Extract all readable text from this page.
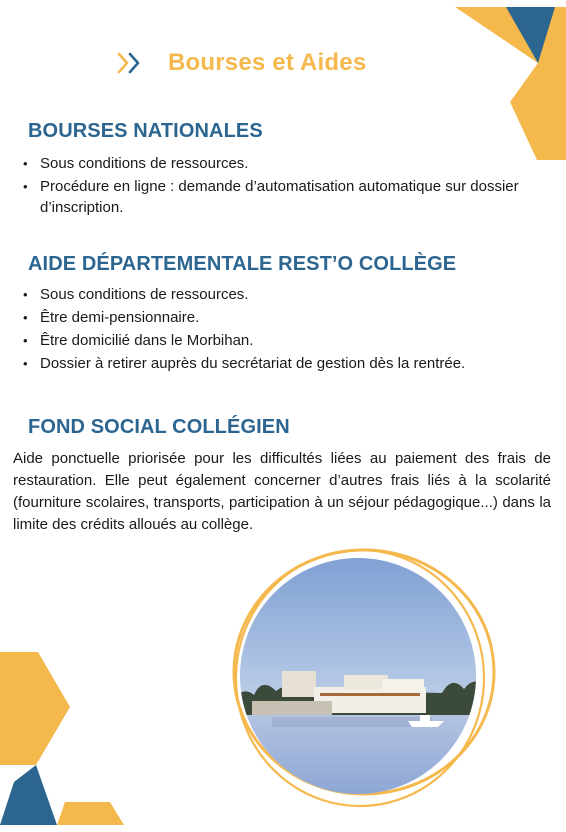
Bourses et Aides
BOURSES NATIONALES
• Sous conditions de ressources.
• Procédure en ligne : demande d’automatisation automatique sur dossier d’inscription.
AIDE DÉPARTEMENTALE REST’O COLLÈGE
• Sous conditions de ressources.
• Être demi-pensionnaire.
• Être domicilié dans le Morbihan.
• Dossier à retirer auprès du secrétariat de gestion dès la rentrée.
FOND SOCIAL COLLÉGIEN

Aide ponctuelle priorisée pour les difficultés liées au paiement des frais de restauration. Elle peut également concerner d’autres frais liés à la scolarité (fourniture scolaires, transports, participation à un séjour pédagogique...) dans la limite des crédits alloués au collège.
